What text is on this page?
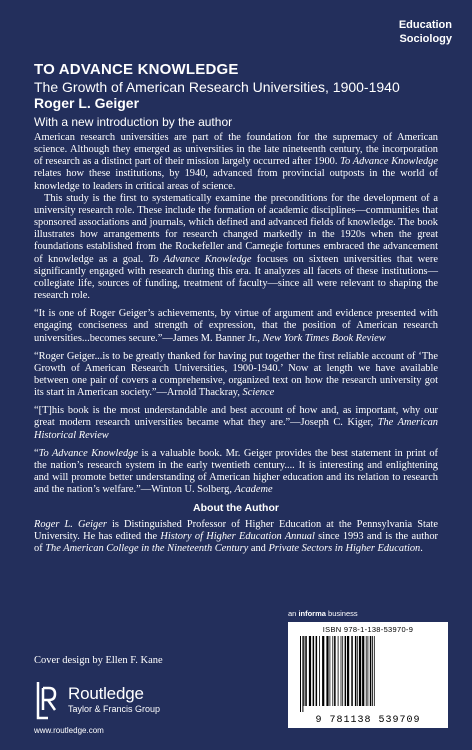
Education
Sociology
TO ADVANCE KNOWLEDGE
The Growth of American Research Universities, 1900-1940
Roger L. Geiger
With a new introduction by the author

American research universities are part of the foundation for the supremacy of American science. Although they emerged as universities in the late nineteenth century, the incorporation of research as a distinct part of their mission largely occurred after 1900. To Advance Knowledge relates how these institutions, by 1940, advanced from provincial outposts in the world of knowledge to leaders in critical areas of science.

This study is the first to systematically examine the preconditions for the development of a university research role. These include the formation of academic disciplines—communities that sponsored associations and journals, which defined and advanced fields of knowledge. The book illustrates how arrangements for research changed markedly in the 1920s when the great foundations established from the Rockefeller and Carnegie fortunes embraced the advancement of knowledge as a goal. To Advance Knowledge focuses on sixteen universities that were significantly engaged with research during this era. It analyzes all facets of these institutions—collegiate life, sources of funding, treatment of faculty—since all were relevant to shaping the research role.

“It is one of Roger Geiger’s achievements, by virtue of argument and evidence presented with engaging conciseness and strength of expression, that the position of American research universities...becomes secure.”—James M. Banner Jr., New York Times Book Review

“Roger Geiger...is to be greatly thanked for having put together the first reliable account of ‘The Growth of American Research Universities, 1900-1940.’ Now at length we have available between one pair of covers a comprehensive, organized text on how the research university got its start in American society.”—Arnold Thackray, Science

“[T]his book is the most understandable and best account of how and, as important, why our great modern research universities became what they are.”—Joseph C. Kiger, The American Historical Review

“To Advance Knowledge is a valuable book. Mr. Geiger provides the best statement in print of the nation’s research system in the early twentieth century.... It is interesting and enlightening and will promote better understanding of American higher education and its relation to research and the nation’s welfare.”—Winton U. Solberg, Academe

About the Author

Roger L. Geiger is Distinguished Professor of Higher Education at the Pennsylvania State University. He has edited the History of Higher Education Annual since 1993 and is the author of The American College in the Nineteenth Century and Private Sectors in Higher Education.

Cover design by Ellen F. Kane
Routledge
Taylor & Francis Group
www.routledge.com
an informa business
ISBN 978-1-138-53970-9
9 781138 539709
